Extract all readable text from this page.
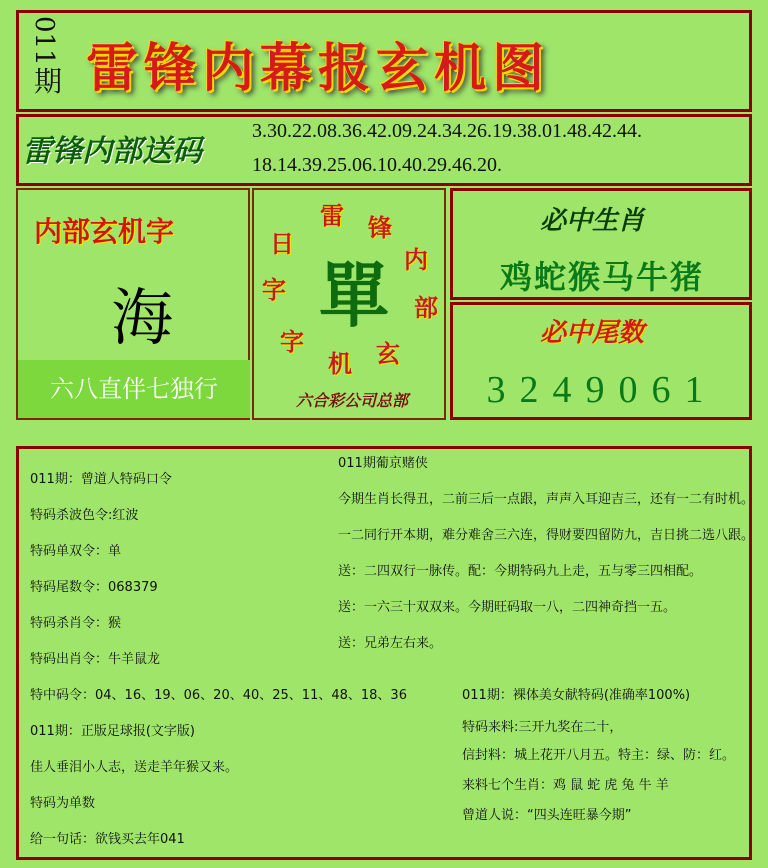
011
期 雷锋内幕报玄机图
雷锋内部送码
3.30.22.08.36.42.09.24.34.26.19.38.01.48.42.44.
18.14.39.25.06.10.40.29.46.20.
内部玄机字
海
六八直伴七独行
單
雷 锋
内
部
玄
机
字
字
日
六合彩公司总部
必中生肖
鸡蛇猴马牛猪
必中尾数
3249061
011期：曾道人特码口令
特码杀波色令:红波
特码单双令：单
特码尾数令：068379
特码杀肖令：猴
特码出肖令：牛羊鼠龙
011期葡京赌侠
今期生肖长得丑，二前三后一点跟，声声入耳迎吉三，还有一二有时机。
一二同行开本期，难分难舍三六连，得财要四留防九，吉日挑二选八跟。
送：二四双行一脉传。配：今期特码九上走，五与零三四相配。
送：一六三十双双来。今期旺码取一八，二四神奇挡一五。
送：兄弟左右来。
特中码令：04、16、19、06、20、40、25、11、48、18、36
011期：正版足球报(文字版)
佳人垂泪小人志，送走羊年猴又来。
特码为单数
给一句话：欲钱买去年041
011期：裸体美女献特码(准确率100%)
特码来料:三开九奖在二十，
信封料：城上花开八月五。特主：绿、防：红。
来料七个生肖：鸡 鼠 蛇 虎 兔 牛 羊
曾道人说：“四头连旺暴今期”
